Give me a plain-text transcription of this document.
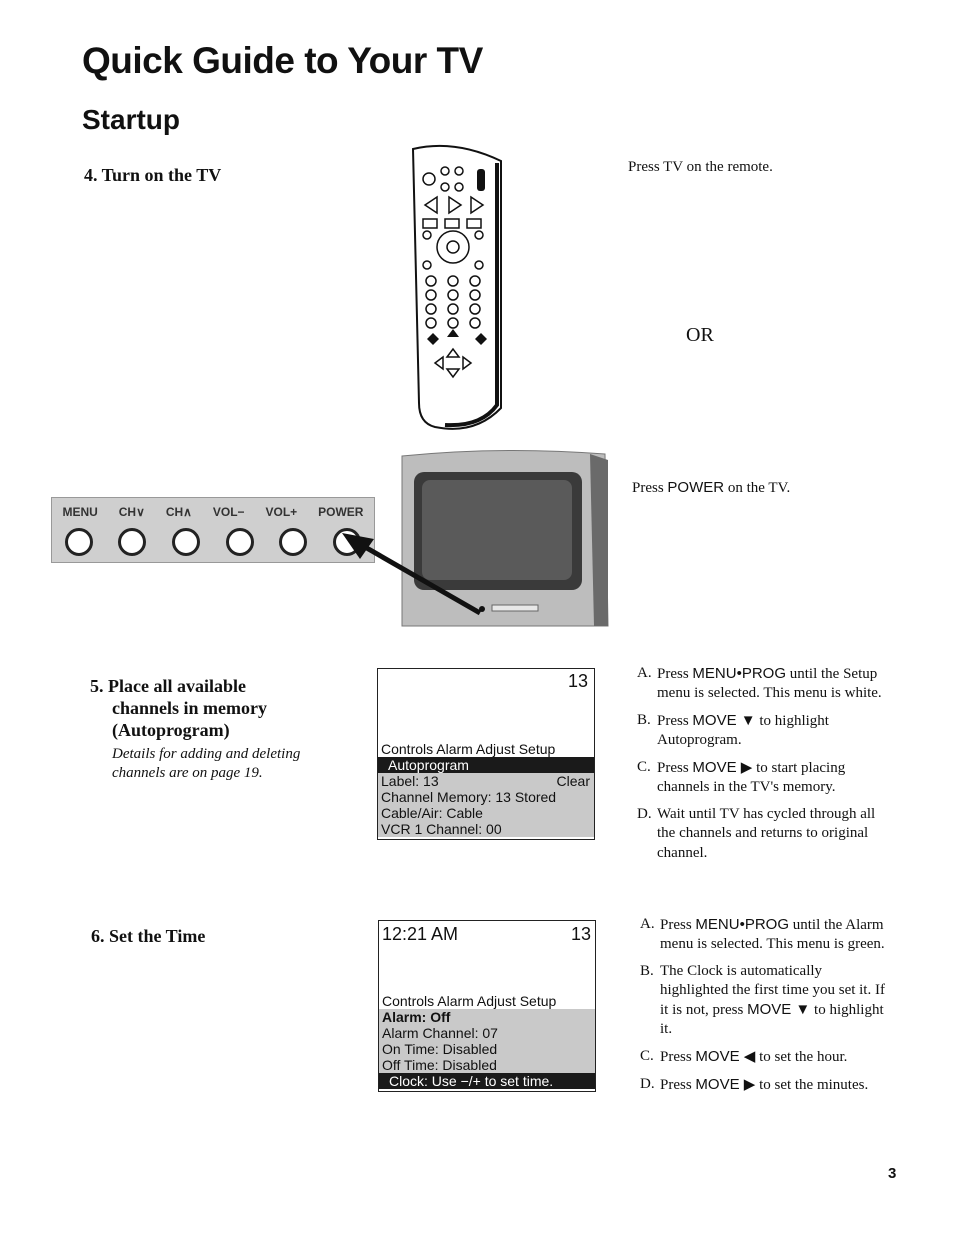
Quick Guide to Your TV
Startup
4. Turn on the TV	Press TV on the remote.
OR
MENU CH∨ CH∧ VOL− VOL+ POWER
Press POWER on the TV.
5. Place all available
channels in memory
(Autoprogram)
Details for adding and deleting
channels are on page 19.
13
Controls Alarm Adjust Setup
Autoprogram
Label: 13	Clear
Channel Memory: 13 Stored
Cable/Air: Cable
VCR 1 Channel: 00
A. Press MENU•PROG until the Setup menu is selected. This menu is white.
B. Press MOVE ▼ to highlight Autoprogram.
C. Press MOVE ▶ to start placing channels in the TV's memory.
D. Wait until TV has cycled through all the channels and returns to original channel.
6. Set the Time	12:21 AM	13
Controls Alarm Adjust Setup
Alarm: Off
Alarm Channel: 07
On Time: Disabled
Off Time: Disabled
Clock: Use −/+ to set time.
A. Press MENU•PROG until the Alarm menu is selected. This menu is green.
B. The Clock is automatically highlighted the first time you set it. If it is not, press MOVE ▼ to highlight it.
C. Press MOVE ◀ to set the hour.
D. Press MOVE ▶ to set the minutes.
3
